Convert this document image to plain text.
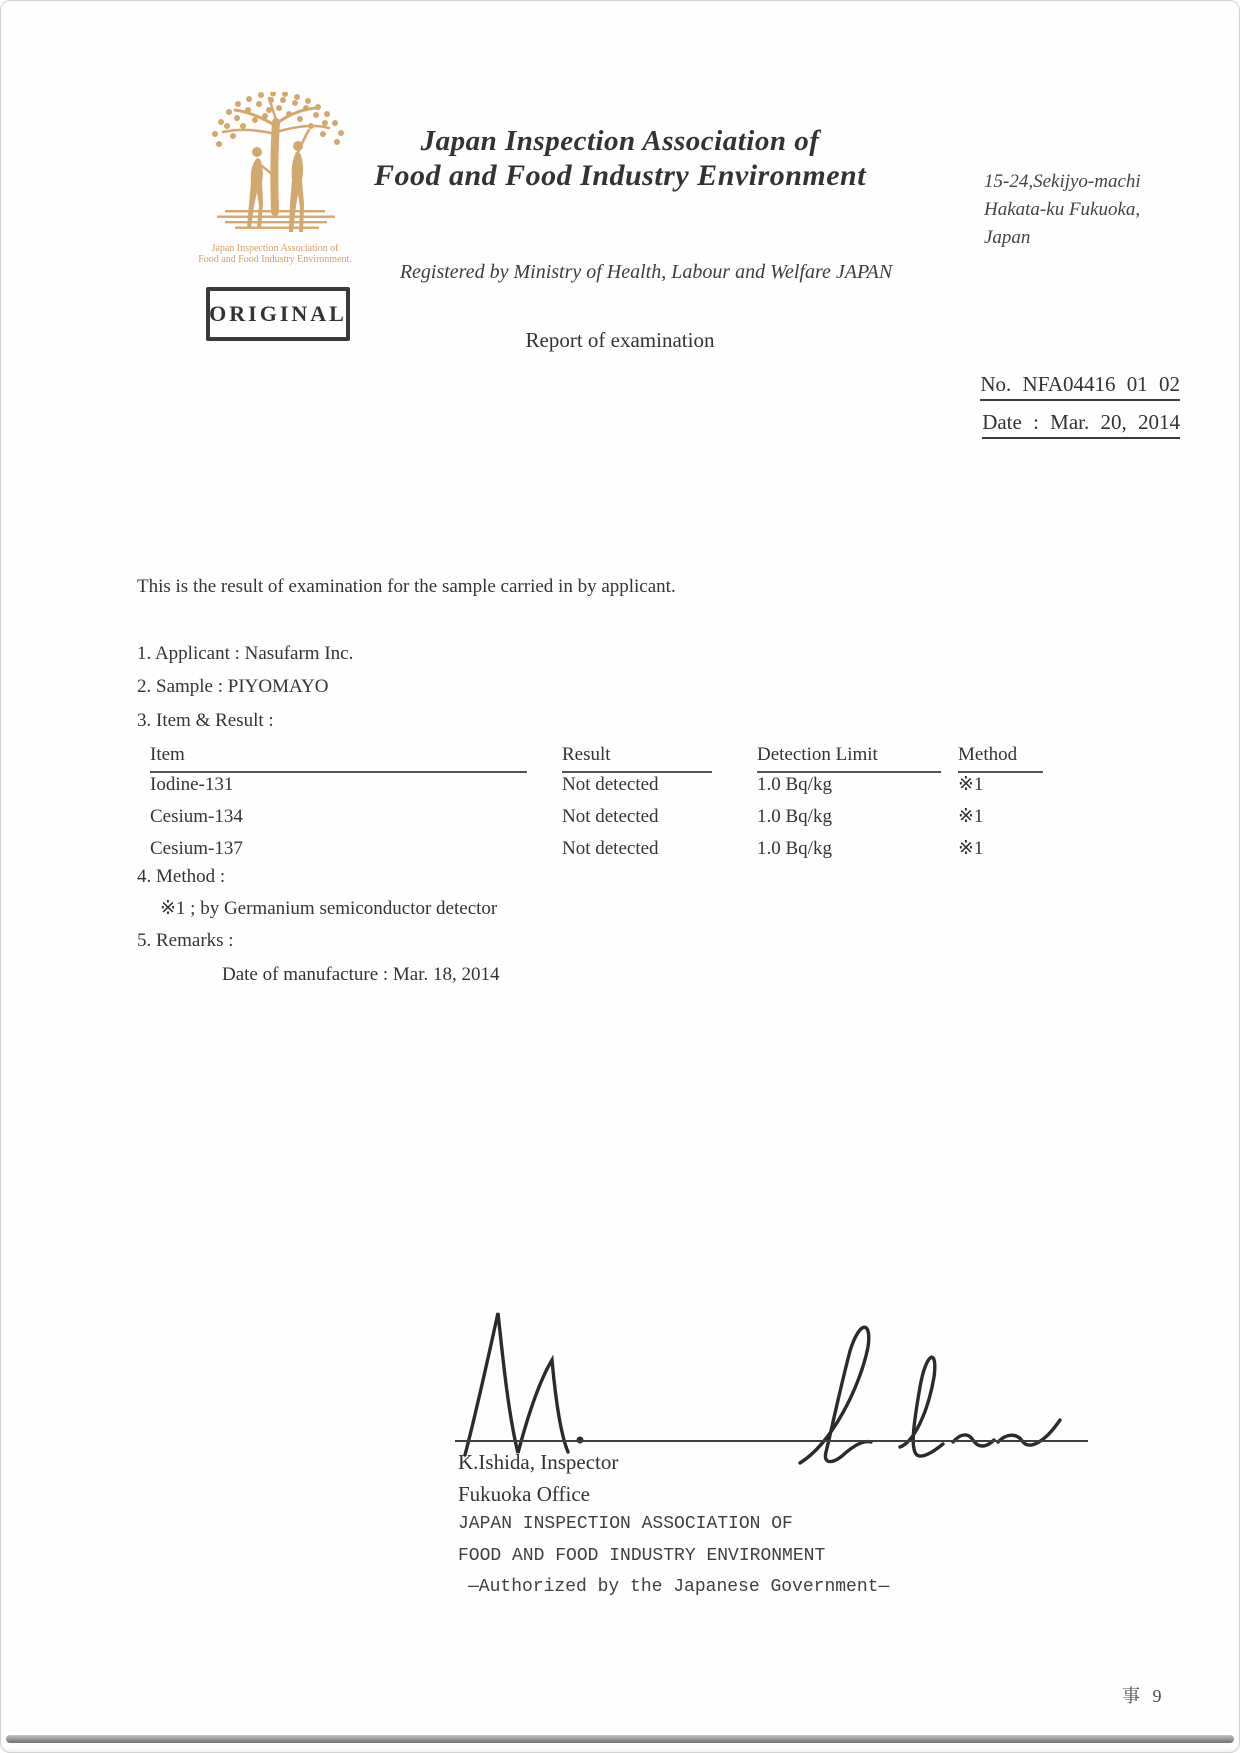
Japan Inspection Association of
Food and Food Industry Environment.
Japan Inspection Association of
Food and Food Industry Environment	15-24,Sekijyo-machi
Hakata-ku Fukuoka,
Japan
Registered by Ministry of Health, Labour and Welfare JAPAN
ORIGINAL
Report of examination
No. NFA04416 01 02
Date : Mar. 20, 2014
This is the result of examination for the sample carried in by applicant.
1. Applicant : Nasufarm Inc.
2. Sample : PIYOMAYO
3. Item & Result :
Item	Result	Detection Limit	Method
Iodine-131	Not detected	1.0 Bq/kg	※1
Cesium-134	Not detected	1.0 Bq/kg	※1
Cesium-137	Not detected	1.0 Bq/kg	※1
4. Method :
※1 ; by Germanium semiconductor detector
5. Remarks :
Date of manufacture : Mar. 18, 2014
K.Ishida, Inspector
Fukuoka Office
JAPAN INSPECTION ASSOCIATION OF
FOOD AND FOOD INDUSTRY ENVIRONMENT
—Authorized by the Japanese Government—
事 9
